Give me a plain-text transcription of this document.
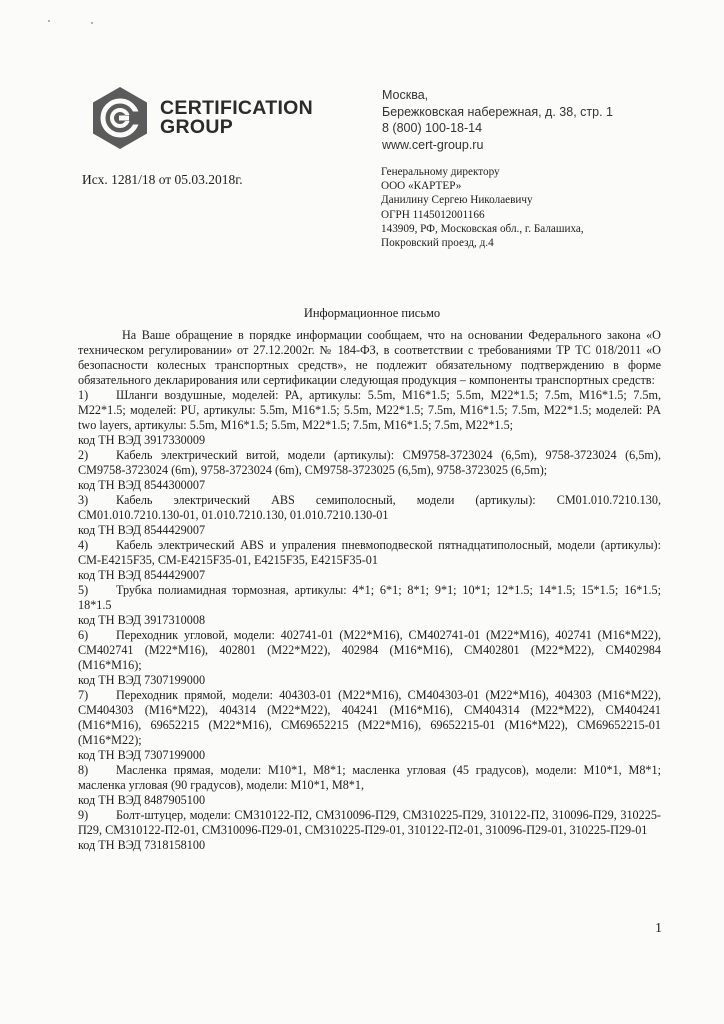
CERTIFICATION
GROUP
Москва,
Бережковская набережная, д. 38, стр. 1
8 (800) 100-18-14
www.cert-group.ru
Исх. 1281/18 от 05.03.2018г.	Генеральному директору
ООО «КАРТЕР»
Данилину Сергею Николаевичу
ОГРН 1145012001166
143909, РФ, Московская обл., г. Балашиха,
Покровский проезд, д.4
Информационное письмо

На Ваше обращение в порядке информации сообщаем, что на основании Федерального закона «О техническом регулировании» от 27.12.2002г. № 184-ФЗ, в соответствии с требованиями ТР ТС 018/2011 «О безопасности колесных транспортных средств», не подлежит обязательному подтверждению в форме обязательного декларирования или сертификации следующая продукция – компоненты транспортных средств:

1) Шланги воздушные, моделей: PA, артикулы: 5.5m, M16*1.5; 5.5m, M22*1.5; 7.5m, M16*1.5; 7.5m, M22*1.5; моделей: PU, артикулы: 5.5m, M16*1.5; 5.5m, M22*1.5; 7.5m, M16*1.5; 7.5m, M22*1.5; моделей: PA two layers, артикулы: 5.5m, M16*1.5; 5.5m, M22*1.5; 7.5m, M16*1.5; 7.5m, M22*1.5;

код ТН ВЭД 3917330009

2) Кабель электрический витой, модели (артикулы): CM9758-3723024 (6,5m), 9758-3723024 (6,5m), CM9758-3723024 (6m), 9758-3723024 (6m), CM9758-3723025 (6,5m), 9758-3723025 (6,5m);

код ТН ВЭД 8544300007

3) Кабель электрический ABS семиполосный, модели (артикулы): CM01.010.7210.130, CM01.010.7210.130-01, 01.010.7210.130, 01.010.7210.130-01

код ТН ВЭД 8544429007

4) Кабель электрический ABS и упраления пневмоподвеской пятнадцатиполосный, модели (артикулы): CM-E4215F35, CM-E4215F35-01, E4215F35, E4215F35-01

код ТН ВЭД 8544429007

5) Трубка полиамидная тормозная, артикулы: 4*1; 6*1; 8*1; 9*1; 10*1; 12*1.5; 14*1.5; 15*1.5; 16*1.5; 18*1.5

код ТН ВЭД 3917310008

6) Переходник угловой, модели: 402741-01 (M22*M16), CM402741-01 (M22*M16), 402741 (M16*M22), CM402741 (M22*M16), 402801 (M22*M22), 402984 (M16*M16), CM402801 (M22*M22), CM402984 (M16*M16);

код ТН ВЭД 7307199000

7) Переходник прямой, модели: 404303-01 (M22*M16), CM404303-01 (M22*M16), 404303 (M16*M22), CM404303 (M16*M22), 404314 (M22*M22), 404241 (M16*M16), CM404314 (M22*M22), CM404241 (M16*M16), 69652215 (M22*M16), CM69652215 (M22*M16), 69652215-01 (M16*M22), CM69652215-01 (M16*M22);

код ТН ВЭД 7307199000

8) Масленка прямая, модели: M10*1, M8*1; масленка угловая (45 градусов), модели: M10*1, M8*1; масленка угловая (90 градусов), модели: M10*1, M8*1,

код ТН ВЭД 8487905100

9) Болт-штуцер, модели: CM310122-П2, CM310096-П29, CM310225-П29, 310122-П2, 310096-П29, 310225-П29, CM310122-П2-01, CM310096-П29-01, CM310225-П29-01, 310122-П2-01, 310096-П29-01, 310225-П29-01

код ТН ВЭД 7318158100

1
